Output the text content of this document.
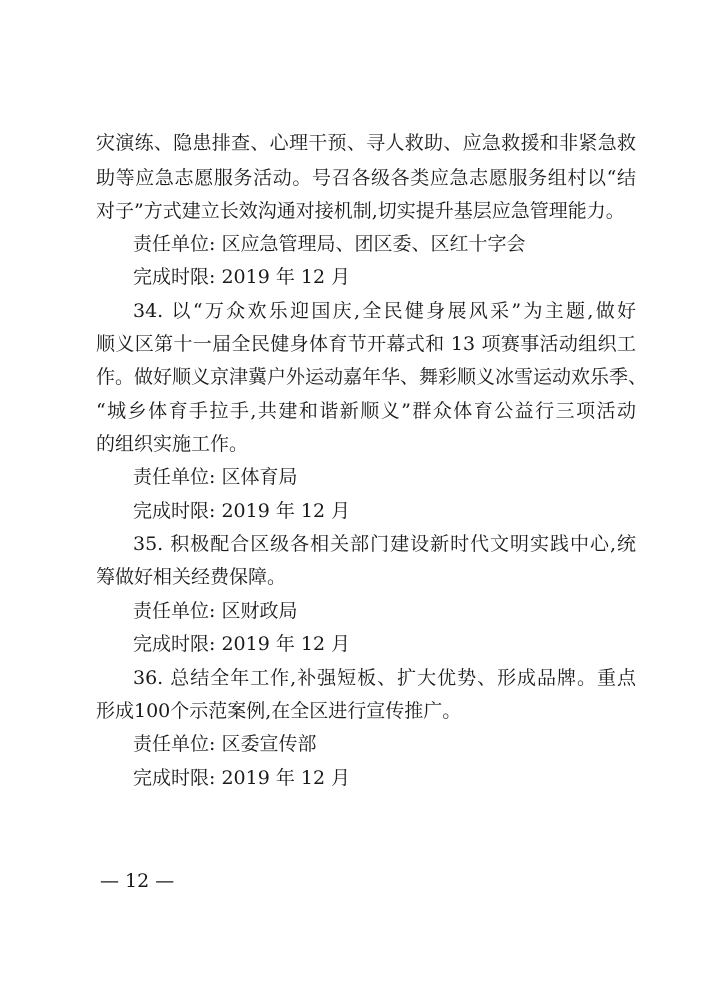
灾演练、隐患排查、心理干预、寻人救助、应急救援和非紧急救
助等应急志愿服务活动。号召各级各类应急志愿服务组村以“结
对子”方式建立长效沟通对接机制,切实提升基层应急管理能力。
责任单位: 区应急管理局、团区委、区红十字会
完成时限: 2019 年 12 月
34. 以“万众欢乐迎国庆,全民健身展风采”为主题,做好
顺义区第十一届全民健身体育节开幕式和 13 项赛事活动组织工
作。做好顺义京津冀户外运动嘉年华、舞彩顺义冰雪运动欢乐季、
“城乡体育手拉手,共建和谐新顺义”群众体育公益行三项活动
的组织实施工作。
责任单位: 区体育局
完成时限: 2019 年 12 月
35. 积极配合区级各相关部门建设新时代文明实践中心,统
筹做好相关经费保障。
责任单位: 区财政局
完成时限: 2019 年 12 月
36. 总结全年工作,补强短板、扩大优势、形成品牌。重点
形成100个示范案例,在全区进行宣传推广。
责任单位: 区委宣传部
完成时限: 2019 年 12 月
— 12 —
